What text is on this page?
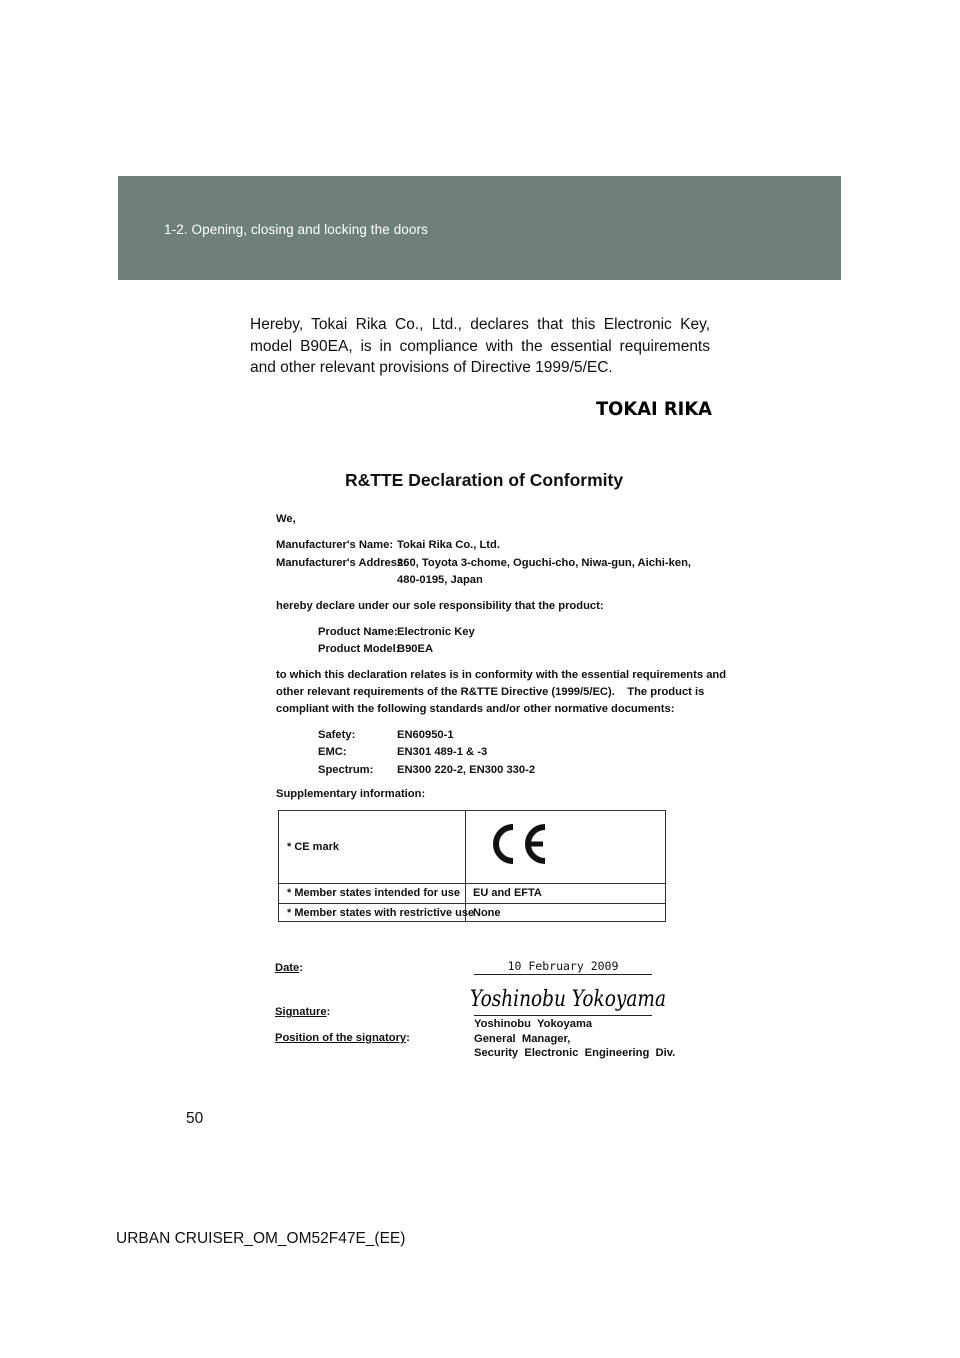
1-2. Opening, closing and locking the doors
Hereby, Tokai Rika Co., Ltd., declares that this Electronic Key, model B90EA, is in compliance with the essential requirements and other relevant provisions of Directive 1999/5/EC.
TOKAI RIKA
R&TTE Declaration of Conformity
We,
Manufacturer's Name: Tokai Rika Co., Ltd.
Manufacturer's Address:
260, Toyota 3-chome, Oguchi-cho, Niwa-gun, Aichi-ken,
480-0195, Japan
hereby declare under our sole responsibility that the product:
Product Name: Electronic Key
Product Model:
B90EA
to which this declaration relates is in conformity with the essential requirements and
other relevant requirements of the R&TTE Directive (1999/5/EC).    The product is
compliant with the following standards and/or other normative documents:
Safety:	EN60950-1
EMC:	EN301 489-1 & -3
Spectrum: EN300 220-2, EN300 330-2
Supplementary information:
* CE mark
* Member states intended for use EU and EFTA
* Member states with restrictive use
None
Date:	10 February 2009
Signature:	Yoshinobu Yokoyama
Position of the signatory:
Yoshinobu  Yokoyama
General  Manager,
Security  Electronic  Engineering  Div.
50
URBAN CRUISER_OM_OM52F47E_(EE)
